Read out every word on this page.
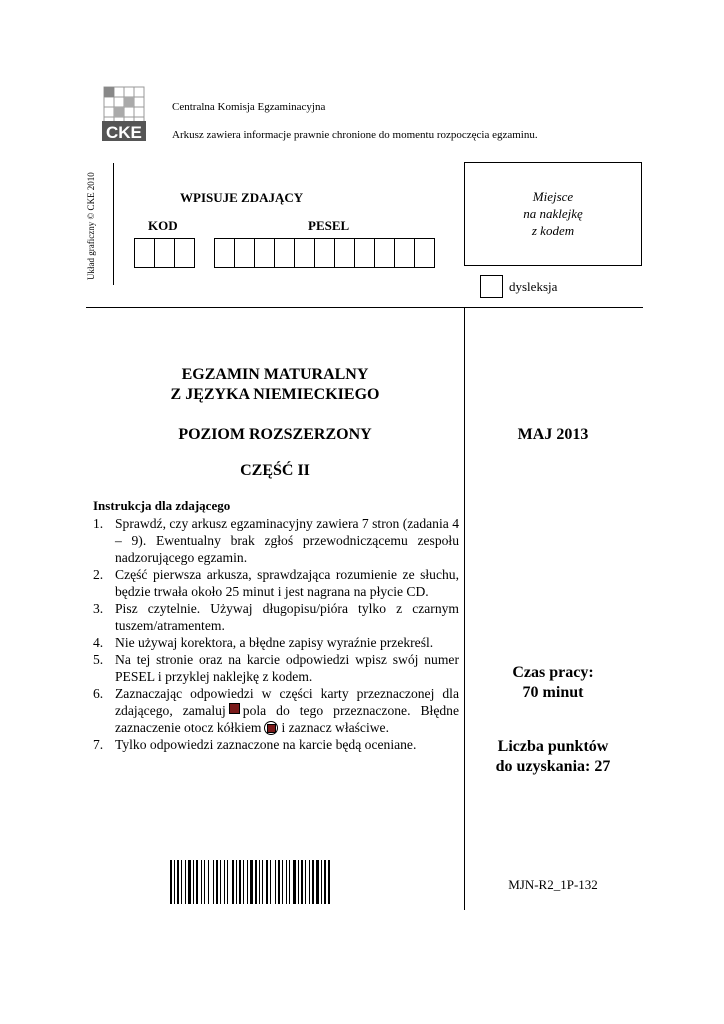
CKE
Centralna Komisja Egzaminacyjna
Arkusz zawiera informacje prawnie chronione do momentu rozpoczęcia egzaminu.
Układ graficzny © CKE 2010	WPISUJE ZDAJĄCY
KOD	PESEL
Miejsce
na naklejkę
z kodem
dysleksja
EGZAMIN MATURALNY
Z JĘZYKA NIEMIECKIEGO
POZIOM ROZSZERZONY
CZĘŚĆ II
MAJ 2013
Instrukcja dla zdającego
1. Sprawdź, czy arkusz egzaminacyjny zawiera 7 stron (zadania 4 – 9). Ewentualny brak zgłoś przewodniczącemu zespołu nadzorującego egzamin.
2. Część pierwsza arkusza, sprawdzająca rozumienie ze słuchu, będzie trwała około 25 minut i jest nagrana na płycie CD.
3. Pisz czytelnie. Używaj długopisu/pióra tylko z czarnym tuszem/atramentem.
4. Nie używaj korektora, a błędne zapisy wyraźnie przekreśl.
5. Na tej stronie oraz na karcie odpowiedzi wpisz swój numer PESEL i przyklej naklejkę z kodem.
6. Zaznaczając odpowiedzi w części karty przeznaczonej dla zdającego, zamaluj pola do tego przeznaczone. Błędne zaznaczenie otocz kółkiem i zaznacz właściwe.
7. Tylko odpowiedzi zaznaczone na karcie będą oceniane.
Czas pracy:
70 minut
Liczba punktów
do uzyskania: 27
MJN-R2_1P-132
